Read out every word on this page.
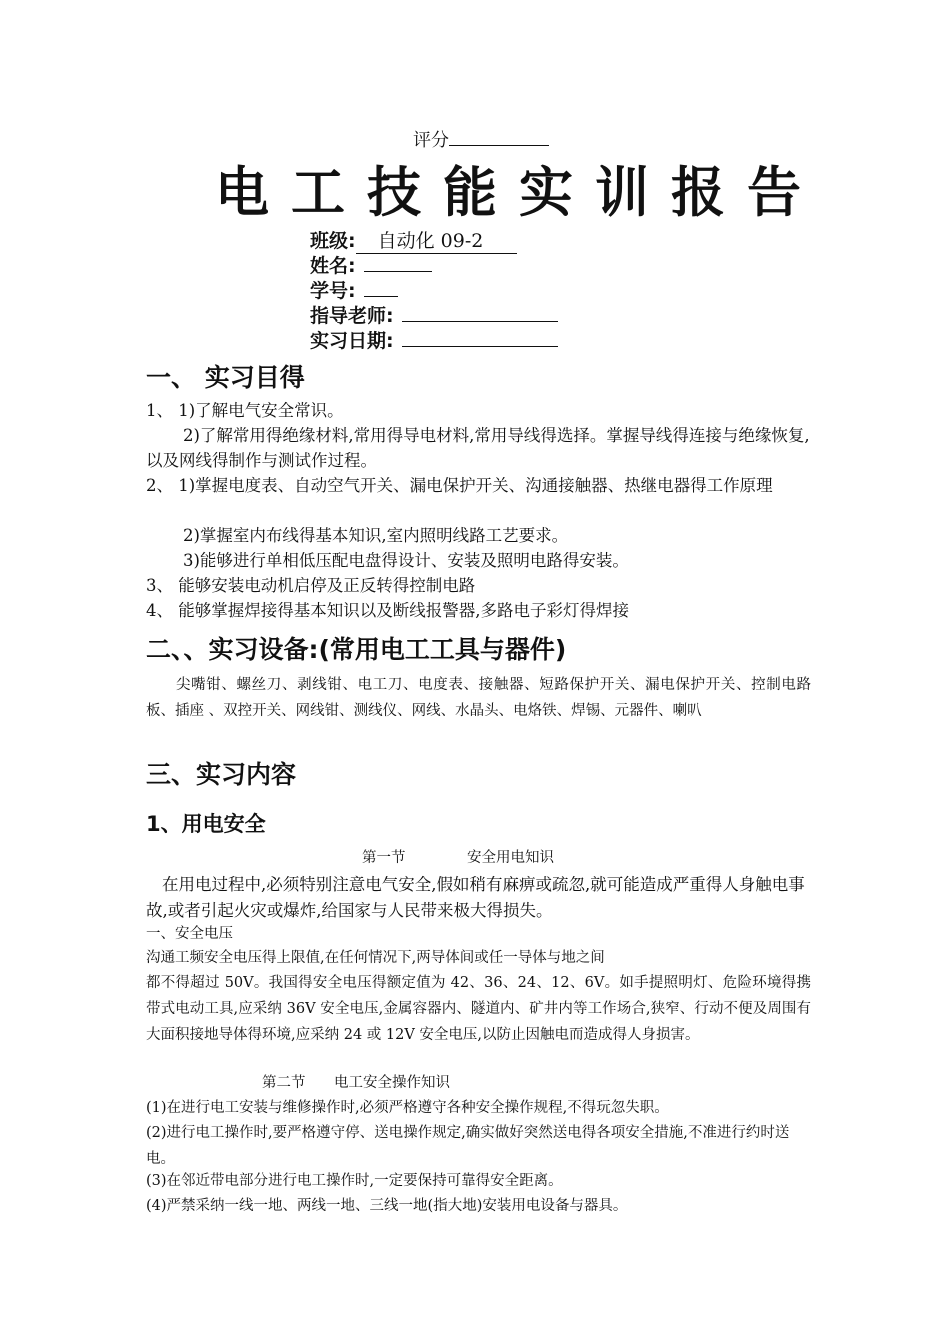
评分
电工技能实训报告
班级: 自动化 09-2
姓名:
学号:
指导老师:
实习日期:
一、 实习目得
1、 1)了解电气安全常识。
2)了解常用得绝缘材料,常用得导电材料,常用导线得选择。掌握导线得连接与绝缘恢复,以及网线得制作与测试作过程。
2、 1)掌握电度表、自动空气开关、漏电保护开关、沟通接触器、热继电器得工作原理
2)掌握室内布线得基本知识,室内照明线路工艺要求。
3)能够进行单相低压配电盘得设计、安装及照明电路得安装。
3、 能够安装电动机启停及正反转得控制电路
4、 能够掌握焊接得基本知识以及断线报警器,多路电子彩灯得焊接
二、、实习设备:(常用电工工具与器件)
尖嘴钳、螺丝刀、剥线钳、电工刀、电度表、接触器、短路保护开关、漏电保护开关、控制电路板、插座 、双控开关、网线钳、测线仪、网线、水晶头、电烙铁、焊锡、元器件、喇叭
三、实习内容
1、用电安全
第一节	安全用电知识
在用电过程中,必须特别注意电气安全,假如稍有麻痹或疏忽,就可能造成严重得人身触电事故,或者引起火灾或爆炸,给国家与人民带来极大得损失。
一、安全电压
沟通工频安全电压得上限值,在任何情况下,两导体间或任一导体与地之间
都不得超过 50V。我国得安全电压得额定值为 42、36、24、12、6V。如手提照明灯、危险环境得携带式电动工具,应采纳 36V 安全电压,金属容器内、隧道内、矿井内等工作场合,狭窄、行动不便及周围有大面积接地导体得环境,应采纳 24 或 12V 安全电压,以防止因触电而造成得人身损害。
第二节 电工安全操作知识
(1)在进行电工安装与维修操作时,必须严格遵守各种安全操作规程,不得玩忽失职。
(2)进行电工操作时,要严格遵守停、送电操作规定,确实做好突然送电得各项安全措施,不准进行约时送电。
(3)在邻近带电部分进行电工操作时,一定要保持可靠得安全距离。
(4)严禁采纳一线一地、两线一地、三线一地(指大地)安装用电设备与器具。
